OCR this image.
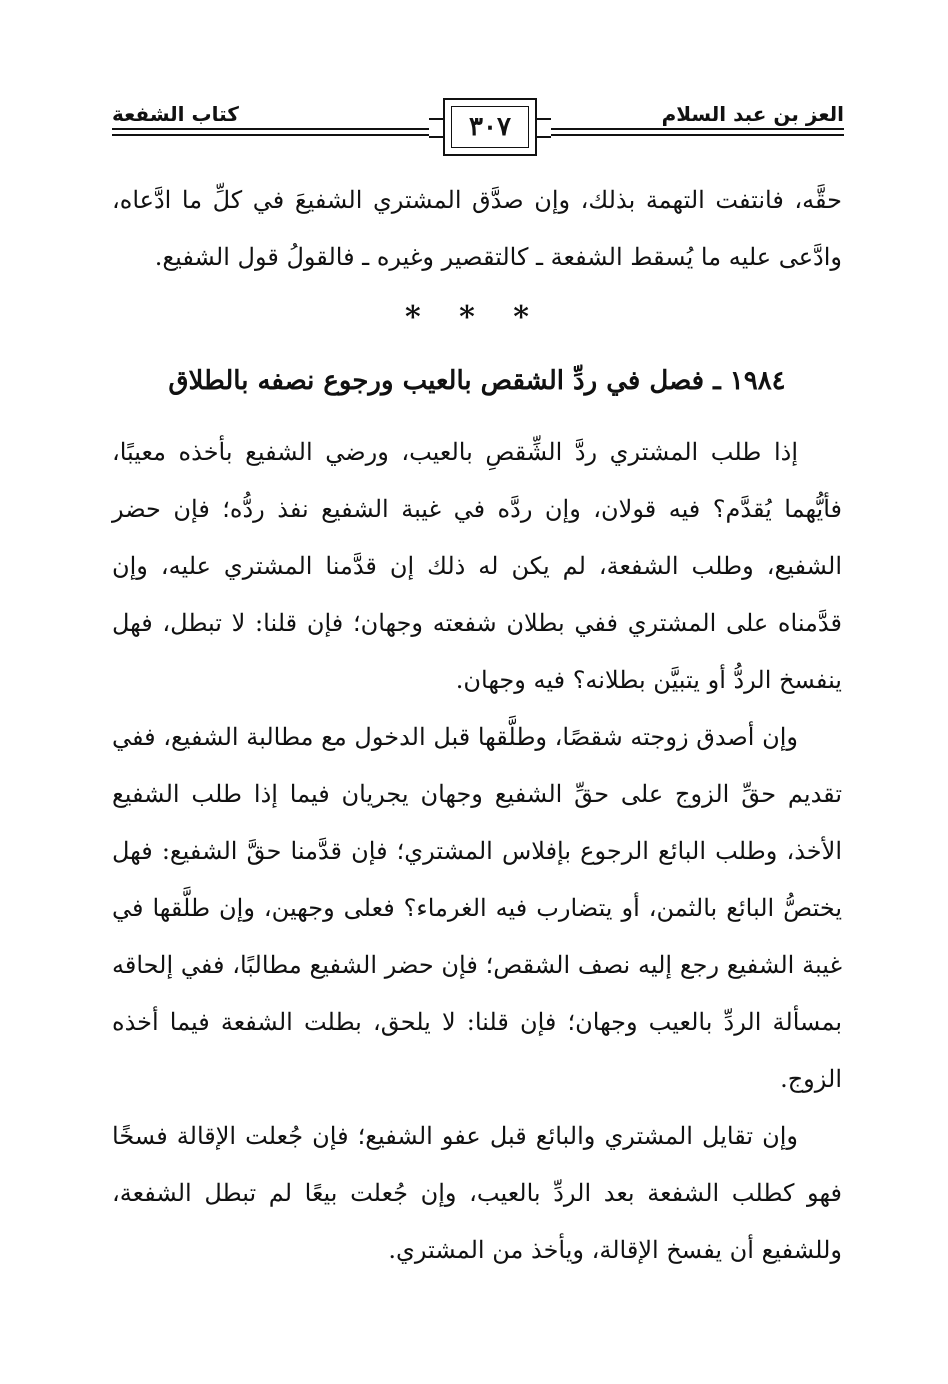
العز بن عبد السلام
كتاب الشفعة	٣٠٧

حقَّه، فانتفت التهمة بذلك، وإن صدَّق المشتري الشفيعَ في كلِّ ما ادَّعاه، وادَّعى عليه ما يُسقط الشفعة ـ كالتقصير وغيره ـ فالقولُ قول الشفيع.

* * *
١٩٨٤ ـ فصل في ردِّ الشقص بالعيب ورجوع نصفه بالطلاق

إذا طلب المشتري ردَّ الشِّقصِ بالعيب، ورضي الشفيع بأخذه معيبًا، فأيُّهما يُقدَّم؟ فيه قولان، وإن ردَّه في غيبة الشفيع نفذ ردُّه؛ فإن حضر الشفيع، وطلب الشفعة، لم يكن له ذلك إن قدَّمنا المشتري عليه، وإن قدَّمناه على المشتري ففي بطلان شفعته وجهان؛ فإن قلنا: لا تبطل، فهل ينفسخ الردُّ أو يتبيَّن بطلانه؟ فيه وجهان.

وإن أصدق زوجته شقصًا، وطلَّقها قبل الدخول مع مطالبة الشفيع، ففي تقديم حقِّ الزوج على حقِّ الشفيع وجهان يجريان فيما إذا طلب الشفيع الأخذ، وطلب البائع الرجوع بإفلاس المشتري؛ فإن قدَّمنا حقَّ الشفيع: فهل يختصُّ البائع بالثمن، أو يتضارب فيه الغرماء؟ فعلى وجهين، وإن طلَّقها في غيبة الشفيع رجع إليه نصف الشقص؛ فإن حضر الشفيع مطالبًا، ففي إلحاقه بمسألة الردِّ بالعيب وجهان؛ فإن قلنا: لا يلحق، بطلت الشفعة فيما أخذه الزوج.

وإن تقايل المشتري والبائع قبل عفو الشفيع؛ فإن جُعلت الإقالة فسخًا فهو كطلب الشفعة بعد الردِّ بالعيب، وإن جُعلت بيعًا لم تبطل الشفعة، وللشفيع أن يفسخ الإقالة، ويأخذ من المشتري.
